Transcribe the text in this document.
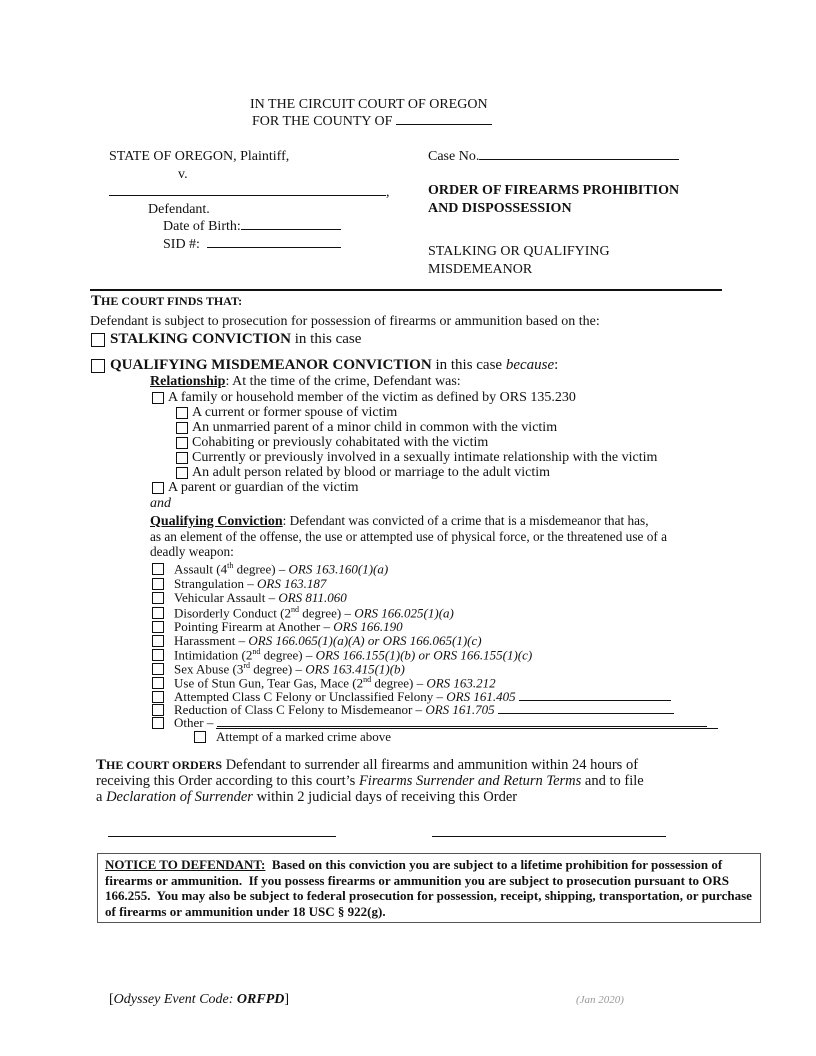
IN THE CIRCUIT COURT OF OREGON
FOR THE COUNTY OF
STATE OF OREGON, Plaintiff,
v.
,
Defendant.
Date of Birth:
SID #:
Case No.
ORDER OF FIREARMS PROHIBITION
AND DISPOSSESSION
STALKING OR QUALIFYING
MISDEMEANOR
THE COURT FINDS THAT:
Defendant is subject to prosecution for possession of firearms or ammunition based on the:
STALKING CONVICTION in this case
QUALIFYING MISDEMEANOR CONVICTION in this case because:
Relationship: At the time of the crime, Defendant was:
A family or household member of the victim as defined by ORS 135.230
A current or former spouse of victim
An unmarried parent of a minor child in common with the victim
Cohabiting or previously cohabitated with the victim
Currently or previously involved in a sexually intimate relationship with the victim
An adult person related by blood or marriage to the adult victim
A parent or guardian of the victim
and
Qualifying Conviction: Defendant was convicted of a crime that is a misdemeanor that has,
as an element of the offense, the use or attempted use of physical force, or the threatened use of a
deadly weapon:
Assault (4th degree) – ORS 163.160(1)(a)
Strangulation – ORS 163.187
Vehicular Assault – ORS 811.060
Disorderly Conduct (2nd degree) – ORS 166.025(1)(a)
Pointing Firearm at Another – ORS 166.190
Harassment – ORS 166.065(1)(a)(A) or ORS 166.065(1)(c)
Intimidation (2nd degree) – ORS 166.155(1)(b) or ORS 166.155(1)(c)
Sex Abuse (3rd degree) – ORS 163.415(1)(b)
Use of Stun Gun, Tear Gas, Mace (2nd degree) – ORS 163.212
Attempted Class C Felony or Unclassified Felony – ORS 161.405
Reduction of Class C Felony to Misdemeanor – ORS 161.705
Other –
Attempt of a marked crime above
THE COURT ORDERS Defendant to surrender all firearms and ammunition within 24 hours of
receiving this Order according to this court’s Firearms Surrender and Return Terms and to file
a Declaration of Surrender within 2 judicial days of receiving this Order
NOTICE TO DEFENDANT:  Based on this conviction you are subject to a lifetime prohibition for possession of firearms or ammunition.  If you possess firearms or ammunition you are subject to prosecution pursuant to ORS 166.255.  You may also be subject to federal prosecution for possession, receipt, shipping, transportation, or purchase of firearms or ammunition under 18 USC § 922(g).
[Odyssey Event Code: ORFPD]	(Jan 2020)
